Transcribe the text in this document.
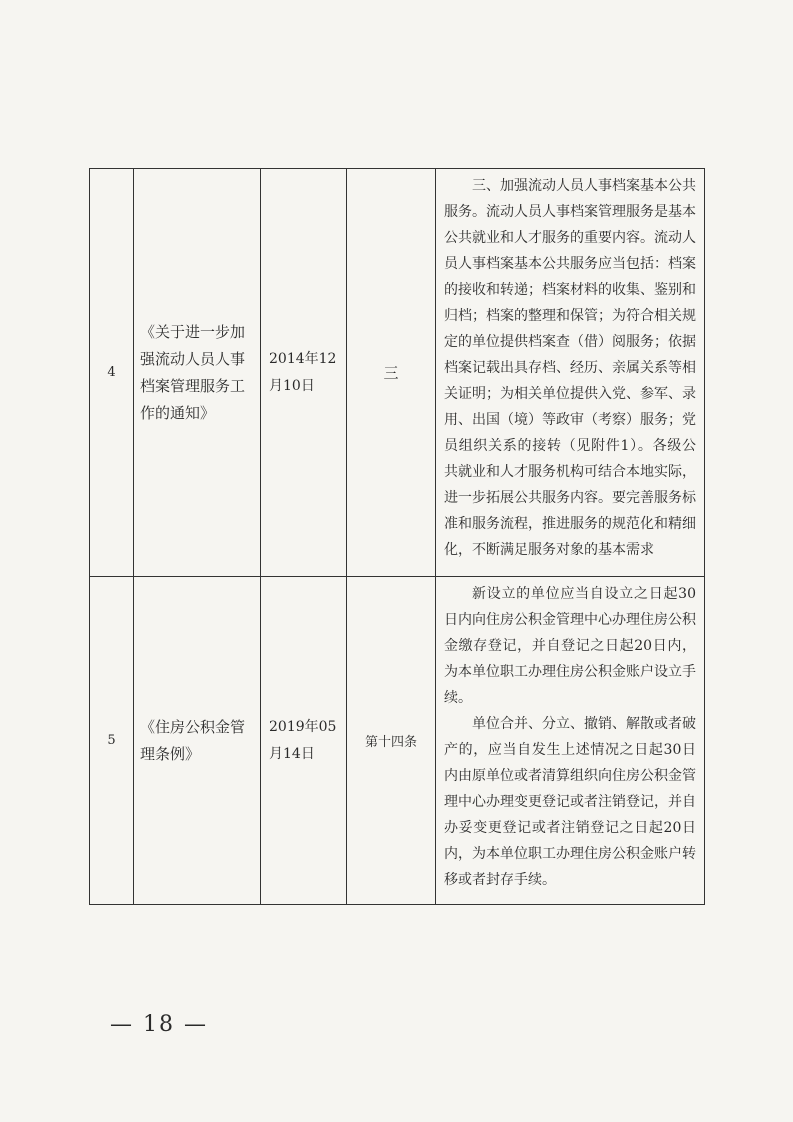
4	《关于进一步加强流动人员人事档案管理服务工作的通知》	2014年12月10日	三	三、加强流动人员人事档案基本公共服务。流动人员人事档案管理服务是基本公共就业和人才服务的重要内容。流动人员人事档案基本公共服务应当包括：档案的接收和转递；档案材料的收集、鉴别和归档；档案的整理和保管；为符合相关规定的单位提供档案查（借）阅服务；依据档案记载出具存档、经历、亲属关系等相关证明；为相关单位提供入党、参军、录用、出国（境）等政审（考察）服务；党员组织关系的接转（见附件1）。各级公共就业和人才服务机构可结合本地实际，进一步拓展公共服务内容。要完善服务标准和服务流程，推进服务的规范化和精细化，不断满足服务对象的基本需求

5	《住房公积金管理条例》	2019年05月14日	第十四条	新设立的单位应当自设立之日起30日内向住房公积金管理中心办理住房公积金缴存登记，并自登记之日起20日内，为本单位职工办理住房公积金账户设立手续。

单位合并、分立、撤销、解散或者破产的，应当自发生上述情况之日起30日内由原单位或者清算组织向住房公积金管理中心办理变更登记或者注销登记，并自办妥变更登记或者注销登记之日起20日内，为本单位职工办理住房公积金账户转移或者封存手续。

— 18 —
